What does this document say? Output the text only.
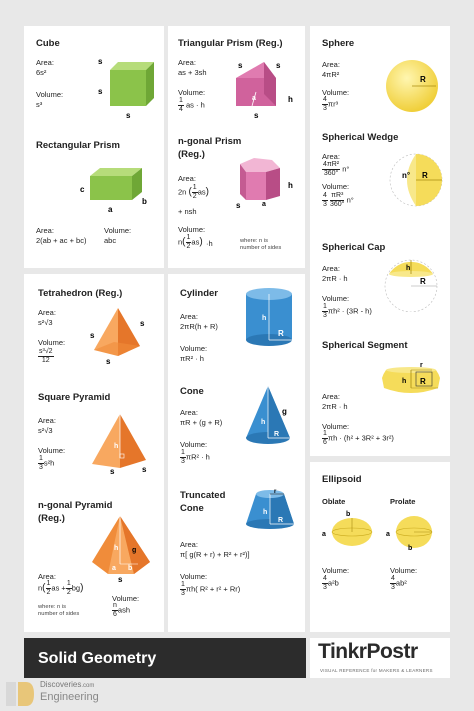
Cube
Area:
6s²
Volume:
s³
s
s
s
Rectangular Prism
Area:
2(ab + ac + bc)
Volume:
abc
c
a
b
Triangular Prism (Reg.)
Area:
as + 3sh
Volume:
$\frac{1}{4}$ as · h
s	s
a	h
s
n-gonal Prism
(Reg.)
Area:
2n ( $\frac{1}{2} as$)
+ nsh
Volume:
$n( \frac{1}{2} as) \cdot h$	where: n is
number of sides
s	a
h
Sphere
Area:
4πR²
Volume:
$\frac{4}{3} \pi r^3$
R
Spherical Wedge
Area:
$\frac{\text{4πR²}}{360^\circ} n^\circ$
Volume:
$\frac{4}{3}$
$\frac{\text{πR³}}{360^\circ} n^\circ$
n° R
Spherical Cap
Area:
2πR · h
Volume:
$\frac{1}{3} \pi h^2 \cdot (3R - h)$
h
R
Spherical Segment
Area:
2πR · h
Volume:
$\frac{1}{6}$ πh · (h² + 3R² + 3r²)
r
h R
Ellipsoid
Oblate	Prolate
b
a	a
b
Volume:
$\frac{4}{3} a^2b$
Volume:
$\frac{4}{3} ab^2$
Tetrahedron (Reg.)
Area:
s²√3
Volume:
$\frac{\text{s³√2}}{12}$
s
s
s
Square Pyramid
Area:
s²√3
Volume:
$\frac{1}{3} s^2h$
h
s	s
n-gonal Pyramid
(Reg.)
h g
b
a
s
Area:
$n( \frac{1}{2}$ as + $\frac{1}{2} bg$)
Volume:
$\frac{n}{6}$ ash
where: n is
number of sides
Cylinder
Area:
2πR(h + R)
Volume:
πR² · h
h
R
Cone
Area:
πR + (g + R)
Volume:
$\frac{1}{3} \pi R^2 \cdot h$
h
g
R
Truncated
Cone
r
h
R
Area:
π[ g(R + r) + R² + r²)]
Volume:
$\frac{1}{3} \pi h$( R² + r² + Rr)
Solid Geometry	TinkrPostr
VISUAL REFERENCE for MAKERS & LEARNERS
Discoveries.com
Engineering
